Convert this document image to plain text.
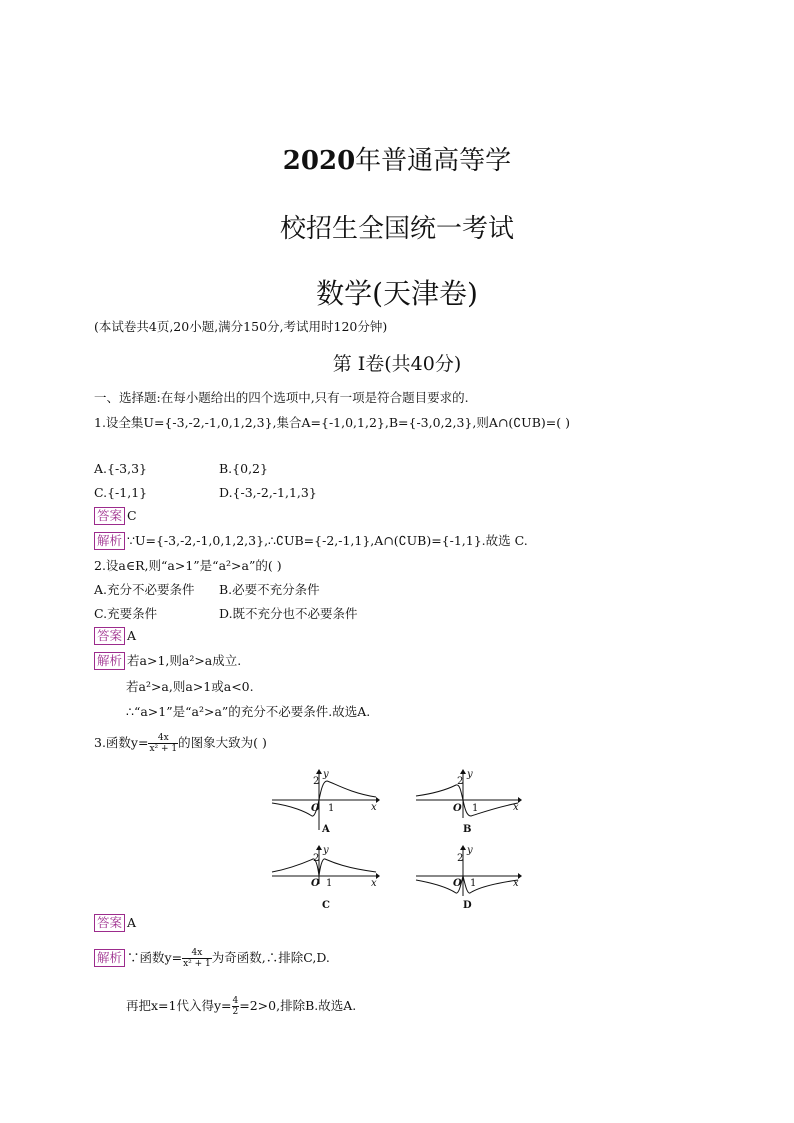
2020年普通高等学
校招生全国统一考试
数学(天津卷)
(本试卷共4页,20小题,满分150分,考试用时120分钟)
第 Ⅰ卷(共40分)
一、选择题:在每小题给出的四个选项中,只有一项是符合题目要求的.
1.设全集U={-3,-2,-1,0,1,2,3},集合A={-1,0,1,2},B={-3,0,2,3},则A∩(∁UB)=( )
A.{-3,3}	B.{0,2}
C.{-1,1}	D.{-3,-2,-1,1,3}
答案 C
解析 ∵U={-3,-2,-1,0,1,2,3},∴∁UB={-2,-1,1},A∩(∁UB)={-1,1}.故选 C.
2.设a∈R,则“a>1”是“a²>a”的( )
A.充分不必要条件 B.必要不充分条件
C.充要条件	D.既不充分也不必要条件
答案 A
解析 若a>1,则a²>a成立.
若a²>a,则a>1或a<0.
∴“a>1”是“a²>a”的充分不必要条件.故选A.
3.函数$y= \frac{4x}{\text{x² + 1}}$ 的图象大致为( )
2
y
O 1	x
A
2
y
O 1	x
B
2
y
O 1	x
C
2
y
O 1	x
D
答案 A
解析 ∵函数$y= \frac{4x}{\text{x² + 1}}$ 为奇函数,∴排除C,D.
再把x=1代入得$y= \frac{4}{2} =2>0$,排除B.故选A.
